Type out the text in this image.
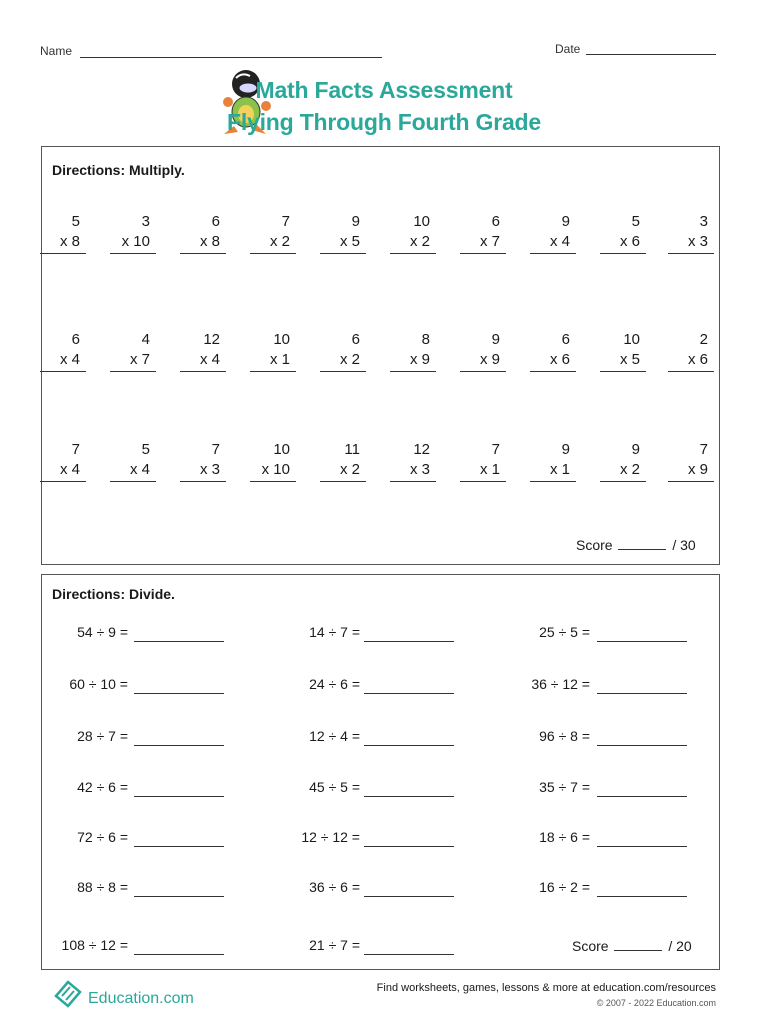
Name	Date
Math Facts Assessment
Flying Through Fourth Grade
Directions: Multiply.
5
x 8
3
x 10
6
x 8
7
x 2
9
x 5
10
x 2
6
x 7
9
x 4
5
x 6
3
x 3
6
x 4
4
x 7
12
x 4
10
x 1
6
x 2
8
x 9
9
x 9
6
x 6
10
x 5
2
x 6
7
x 4
5
x 4
7
x 3
10
x 10
11
x 2
12
x 3
7
x 1
9
x 1
9
x 2
7
x 9
Score	/ 30
Directions: Divide.
54 ÷ 9 =
60 ÷ 10 =
28 ÷ 7 =
42 ÷ 6 =
72 ÷ 6 =
88 ÷ 8 =
108 ÷ 12 =
14 ÷ 7 =
24 ÷ 6 =
12 ÷ 4 =
45 ÷ 5 =
12 ÷ 12 =
36 ÷ 6 =
21 ÷ 7 =
25 ÷ 5 =
36 ÷ 12 =
96 ÷ 8 =
35 ÷ 7 =
18 ÷ 6 =
16 ÷ 2 =
Score	/ 20
Education.com
Find worksheets, games, lessons & more at education.com/resources
© 2007 - 2022 Education.com
